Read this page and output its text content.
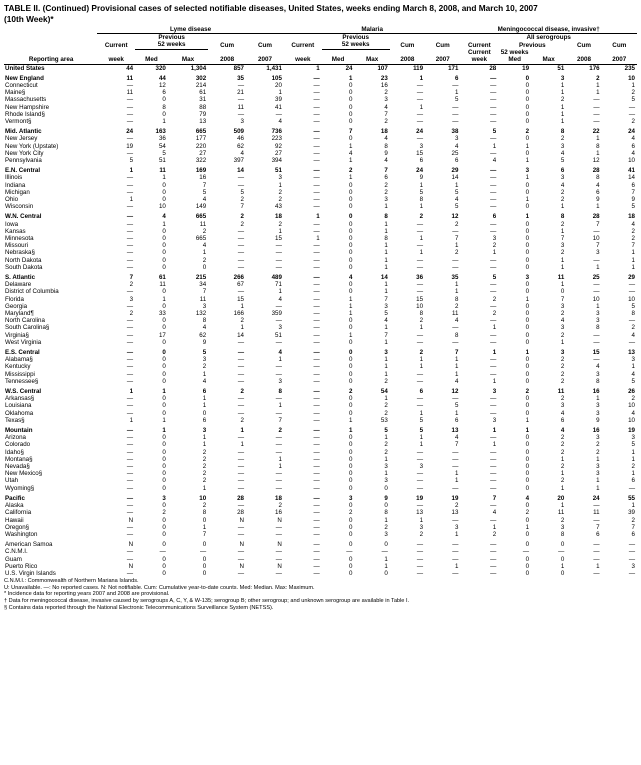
TABLE II. (Continued) Provisional cases of selected notifiable diseases, United States, weeks ending March 8, 2008, and March 10, 2007
(10th Week)*
	Lyme disease					Malaria					Meningococcal disease, invasive†				
		Previous					Previous				All serogroups				
	Current	52 weeks		Cum	Cum	Current	52 weeks		Cum	Cum	Current	Previous		Cum	Cum
Reporting area	week	Med	Max	2008	2007	week	Med	Max	2008	2007	Current
week	52 weeks
Med	Max	2008	2007
United States	44	320	1,304	857	1,431	1	24	107	119	171	28	19	51	176	235

New England	11	44	302	35	105	—	1	23	1	6	—	0	3	2	10
Connecticut	—	12	214	—	20	—	0	16	—	—	—	0	1	1	1
Maine§	11	6	61	21	1	—	0	2	—	1	—	0	1	1	2
Massachusetts	—	0	31	—	39	—	0	3	—	5	—	0	2	—	5
New Hampshire	—	8	88	11	41	—	0	4	1	—	—	0	1	—	—
Rhode Island§	—	0	79	—	—	—	0	7	—	—	—	0	1	—	—
Vermont§	—	1	13	3	4	—	0	2	—	—	—	0	1	—	2

Mid. Atlantic	24	163	665	509	736	—	7	18	24	38	5	2	8	22	24
New Jersey	—	36	177	46	223	—	0	4	—	3	—	0	2	1	4
New York (Upstate)	19	54	220	62	92	—	1	8	3	4	1	1	3	8	6
New York City	—	5	27	4	27	—	4	9	15	25	—	0	4	1	4
Pennsylvania	5	51	322	397	394	—	1	4	6	6	4	1	5	12	10

E.N. Central	1	11	169	14	51	—	2	7	24	29	—	3	6	28	41
Illinois	—	1	16	—	3	—	1	6	9	14	—	1	3	8	14
Indiana	—	0	7	—	1	—	0	2	1	1	—	0	4	4	6
Michigan	—	0	5	5	2	—	0	2	5	5	—	0	2	6	7
Ohio	1	0	4	2	2	—	0	3	8	4	—	1	2	9	9
Wisconsin	—	10	149	7	43	—	0	1	1	5	—	0	1	1	5

W.N. Central	—	4	665	2	18	1	0	8	2	12	6	1	8	28	18
Iowa	—	1	11	2	2	—	0	1	—	2	—	0	2	7	4
Kansas	—	0	2	—	1	—	0	1	—	—	—	0	1	—	2
Minnesota	—	0	665	—	15	1	0	8	1	7	3	0	7	10	2
Missouri	—	0	4	—	—	—	0	1	—	1	2	0	3	7	7
Nebraska§	—	0	1	—	—	—	0	1	1	2	1	0	2	3	1
North Dakota	—	0	2	—	—	—	0	1	—	—	—	0	1	—	1
South Dakota	—	0	0	—	—	—	0	1	—	—	—	0	1	1	1

S. Atlantic	7	61	215	266	489	—	4	14	36	35	5	3	11	25	29
Delaware	2	11	34	67	71	—	0	1	—	1	—	0	1	—	—
District of Columbia	—	0	7	—	1	—	0	1	—	1	—	0	0	—	—
Florida	3	1	11	15	4	—	1	7	15	8	2	1	7	10	10
Georgia	—	0	3	1	—	—	1	3	10	2	—	0	3	1	5
Maryland¶	2	33	132	166	359	—	1	5	8	11	2	0	2	3	8
North Carolina	—	0	8	2	—	—	0	4	2	4	—	0	4	3	—
South Carolina§	—	0	4	1	3	—	0	1	1	—	1	0	3	8	2
Virginia§	—	17	62	14	51	—	1	7	—	8	—	0	2	—	4
West Virginia	—	0	9	—	—	—	0	1	—	—	—	0	1	—	—

E.S. Central	—	0	5	—	4	—	0	3	2	7	1	1	3	15	13
Alabama§	—	0	3	—	1	—	0	1	1	1	—	0	2	—	3
Kentucky	—	0	2	—	—	—	0	1	1	1	—	0	2	4	1
Mississippi	—	0	1	—	—	—	0	1	—	1	—	0	2	3	4
Tennessee§	—	0	4	—	3	—	0	2	—	4	1	0	2	8	5

W.S. Central	1	1	6	2	8	—	2	54	6	12	3	2	11	16	26
Arkansas§	—	0	1	—	—	—	0	1	—	—	—	0	2	1	2
Louisiana	—	0	1	—	1	—	0	2	—	5	—	0	3	3	10
Oklahoma	—	0	0	—	—	—	0	2	1	1	—	0	4	3	4
Texas§	1	1	6	2	7	—	1	53	5	6	3	1	6	9	10

Mountain	—	1	3	1	2	—	1	5	5	13	1	1	4	16	19
Arizona	—	0	1	—	—	—	0	1	1	4	—	0	2	3	3
Colorado	—	0	1	1	—	—	0	2	1	7	1	0	2	2	5
Idaho§	—	0	2	—	—	—	0	2	—	—	—	0	2	2	1
Montana§	—	0	2	—	1	—	0	1	—	—	—	0	1	1	1
Nevada§	—	0	2	—	1	—	0	3	3	—	—	0	2	3	2
New Mexico§	—	0	2	—	—	—	0	1	—	1	—	0	1	3	1
Utah	—	0	2	—	—	—	0	3	—	1	—	0	2	1	6
Wyoming§	—	0	1	—	—	—	0	0	—	—	—	0	1	1	—

Pacific	—	3	10	28	18	—	3	9	19	19	7	4	20	24	55
Alaska	—	0	2	—	2	—	0	0	—	2	—	0	1	—	1
California	—	2	8	28	16	—	2	8	13	13	4	2	11	11	39
Hawaii	N	0	0	N	N	—	0	1	1	—	—	0	2	—	2
Oregon§	—	0	1	—	—	—	0	2	3	3	1	1	3	7	7
Washington	—	0	7	—	—	—	0	3	2	1	2	0	8	6	6

American Samoa	N	0	0	N	N	—	0	0	—	—	—	0	0	—	—
C.N.M.I.	—	—	—	—	—	—	—	—	—	—	—	—	—	—	—
Guam	—	0	0	—	—	—	0	1	—	—	—	0	0	—	—
Puerto Rico	N	0	0	N	N	—	0	1	—	1	—	0	1	1	3
U.S. Virgin Islands	—	0	0	—	—	—	0	0	—	—	—	0	0	—	—
C.N.M.I.: Commonwealth of Northern Mariana Islands.
U: Unavailable. —: No reported cases. N: Not notifiable. Cum: Cumulative year-to-date counts. Med: Median. Max: Maximum.
* Incidence data for reporting years 2007 and 2008 are provisional.
† Data for meningococcal disease, invasive caused by serogroups A, C, Y, & W-135; serogroup B; other serogroup; and unknown serogroup are available in Table I.
§ Contains data reported through the National Electronic Telecommunications Surveillance System (NETSS).
